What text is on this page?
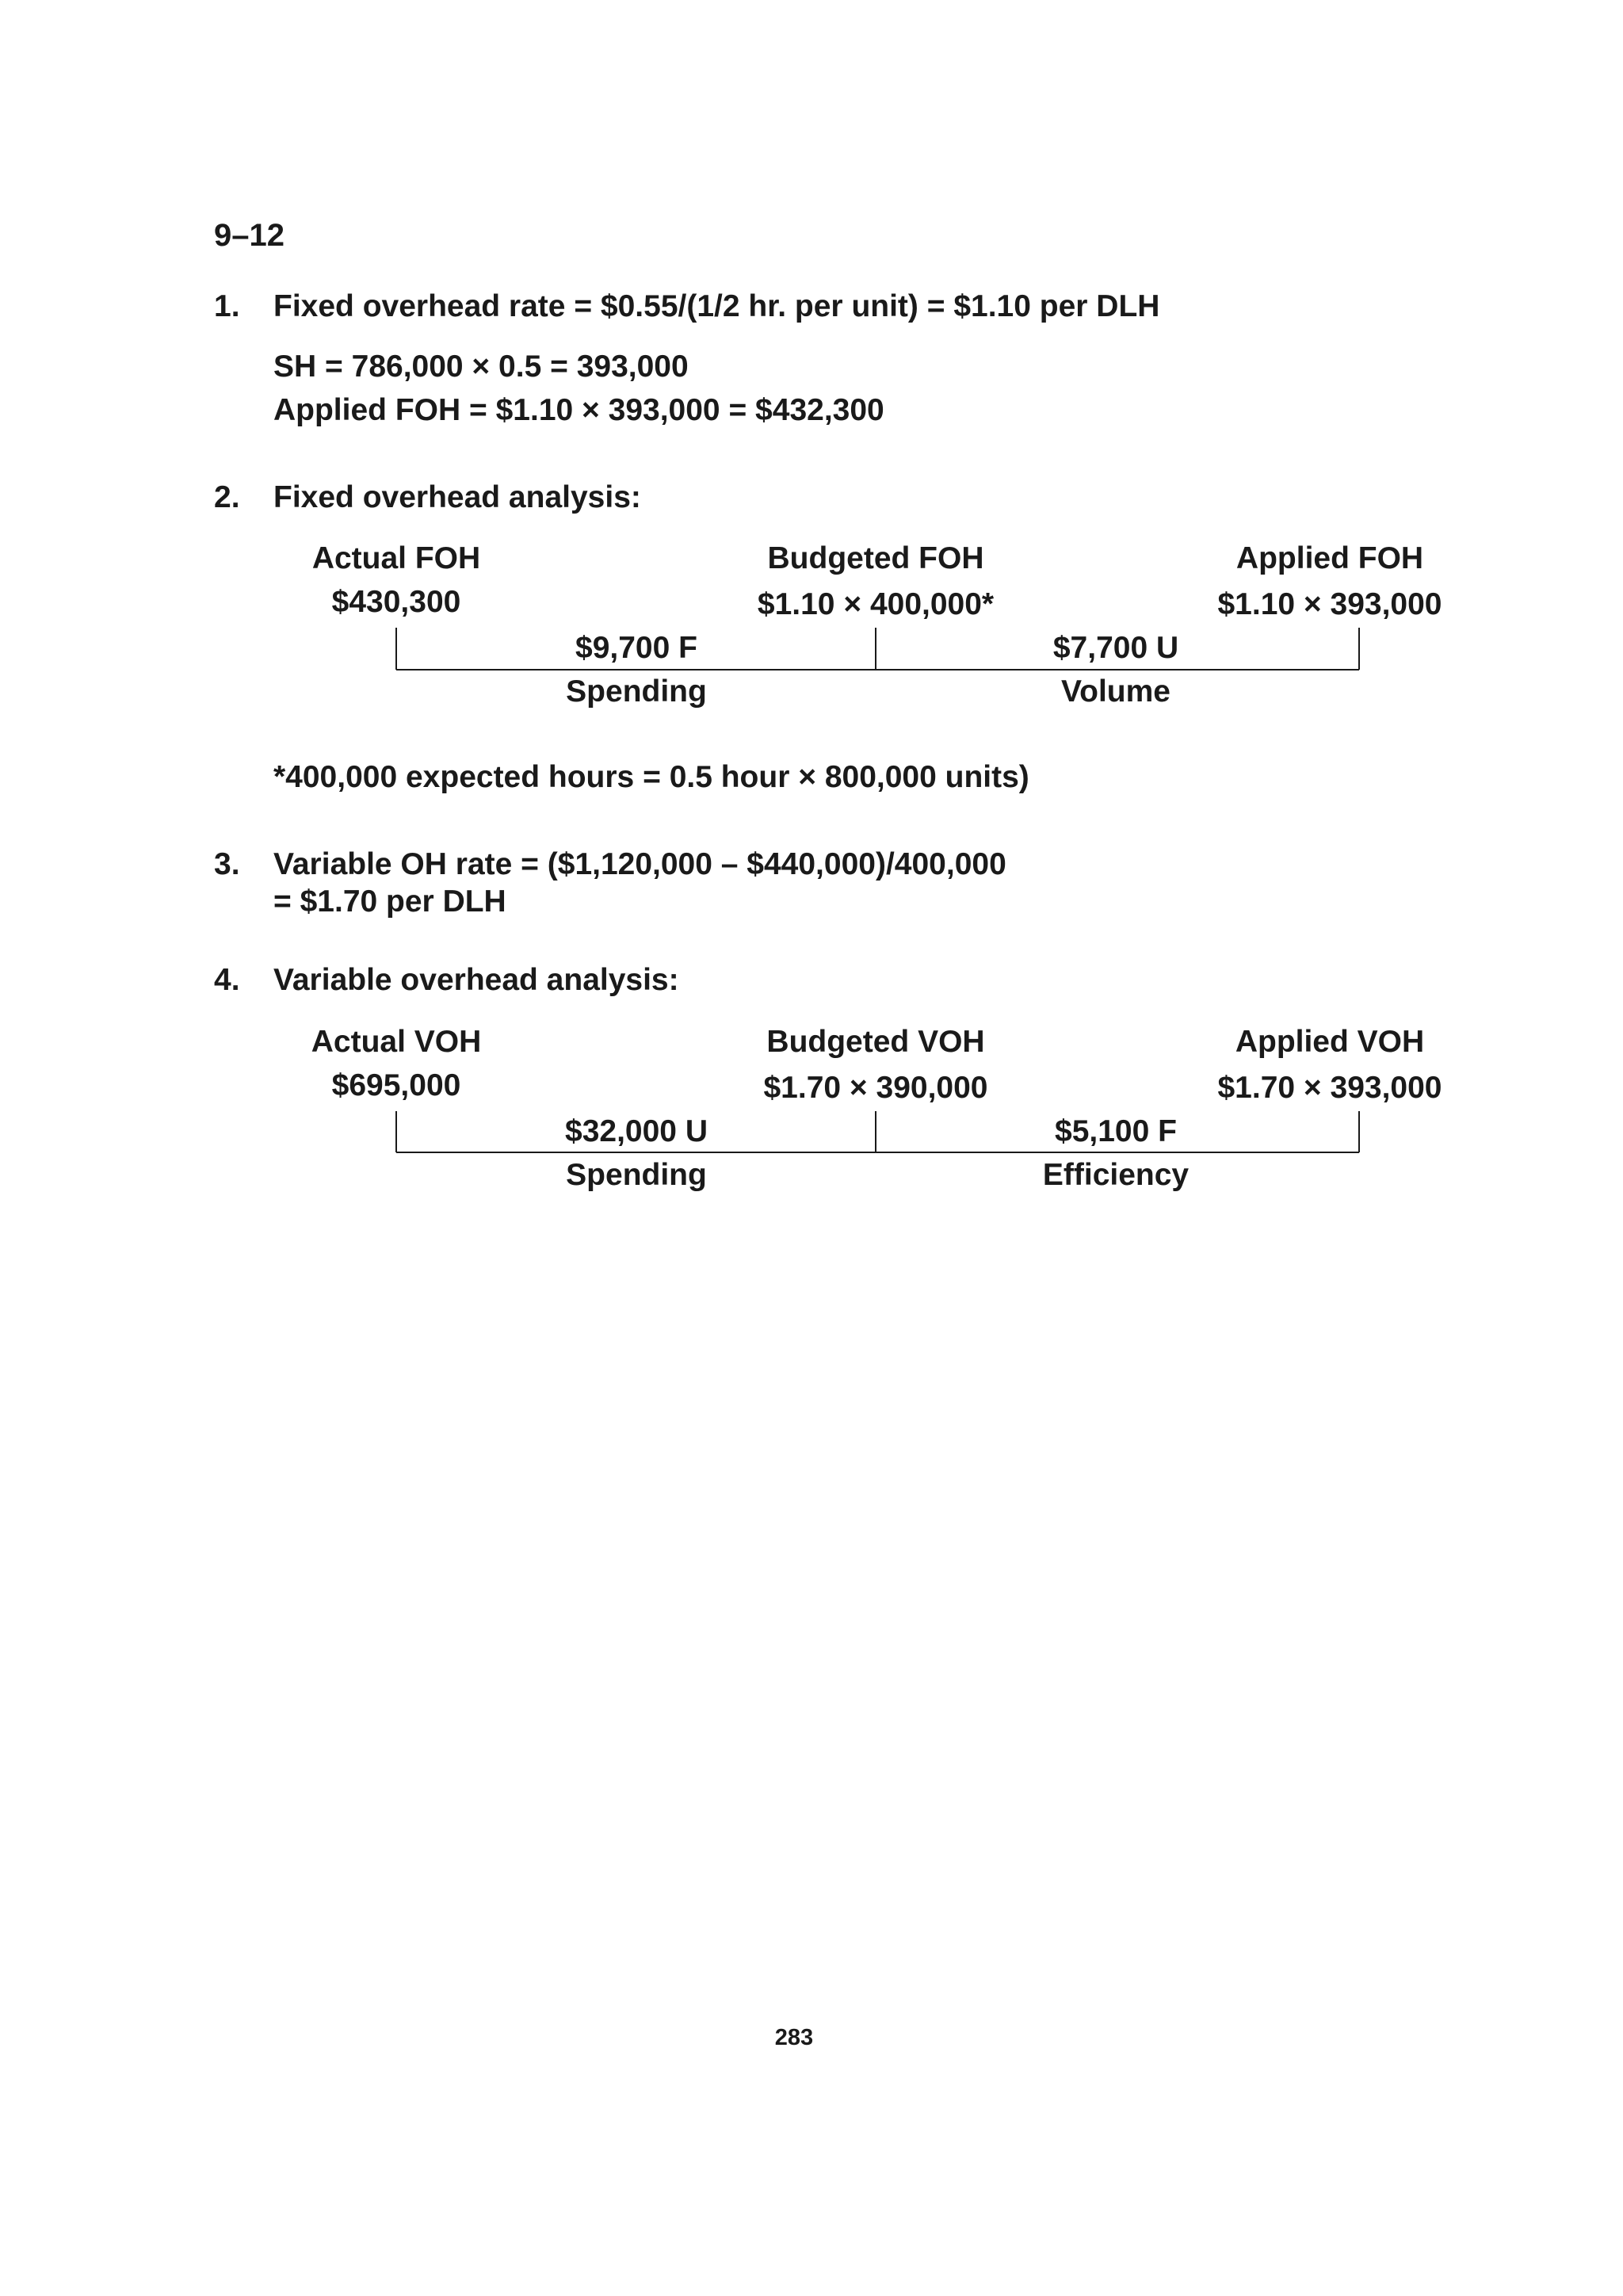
9–12
1. Fixed overhead rate = $0.55/(1/2 hr. per unit) = $1.10 per DLH
SH = 786,000 × 0.5 = 393,000
Applied FOH = $1.10 × 393,000 = $432,300
2. Fixed overhead analysis:
Actual FOH	Budgeted FOH	Applied FOH
$430,300	$1.10 × 400,000*	$1.10 × 393,000
$9,700 F	$7,700 U
Spending	Volume
*400,000 expected hours = 0.5 hour × 800,000 units)
3. Variable OH rate = ($1,120,000 – $440,000)/400,000
= $1.70 per DLH
4. Variable overhead analysis:
Actual VOH	Budgeted VOH	Applied VOH
$695,000	$1.70 × 390,000	$1.70 × 393,000
$32,000 U	$5,100 F
Spending	Efficiency
283
